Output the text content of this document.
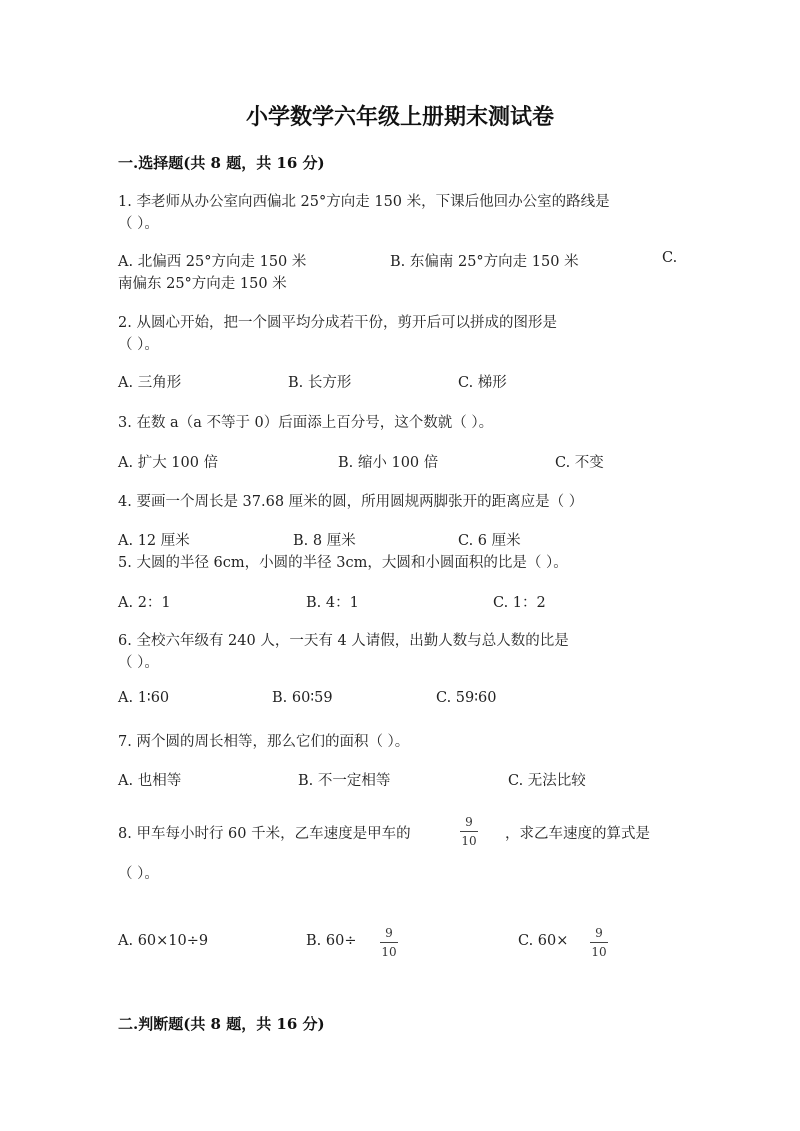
小学数学六年级上册期末测试卷
一.选择题(共 8 题，共 16 分)
1. 李老师从办公室向西偏北 25°方向走 150 米，下课后他回办公室的路线是
（ ）。
A. 北偏西 25°方向走 150 米	B. 东偏南 25°方向走 150 米	C.
南偏东 25°方向走 150 米
2. 从圆心开始，把一个圆平均分成若干份，剪开后可以拼成的图形是
（ ）。
A. 三角形	B. 长方形	C. 梯形
3. 在数 a（a 不等于 0）后面添上百分号，这个数就（ ）。
A. 扩大 100 倍	B. 缩小 100 倍	C. 不变
4. 要画一个周长是 37.68 厘米的圆，所用圆规两脚张开的距离应是（ ）
A. 12 厘米	B. 8 厘米	C. 6 厘米
5. 大圆的半径 6cm，小圆的半径 3cm，大圆和小圆面积的比是（ ）。
A. 2：1	B. 4：1	C. 1：2
6. 全校六年级有 240 人，一天有 4 人请假，出勤人数与总人数的比是
（ ）。
A. 1∶60	B. 60∶59	C. 59∶60
7. 两个圆的周长相等，那么它们的面积（ ）。
A. 也相等	B. 不一定相等	C. 无法比较
8. 甲车每小时行 60 千米，乙车速度是甲车的
9
10 ，求乙车速度的算式是
（ ）。
A. 60×10÷9	B. 60÷ 9
10
C. 60× 9
10
二.判断题(共 8 题，共 16 分)
